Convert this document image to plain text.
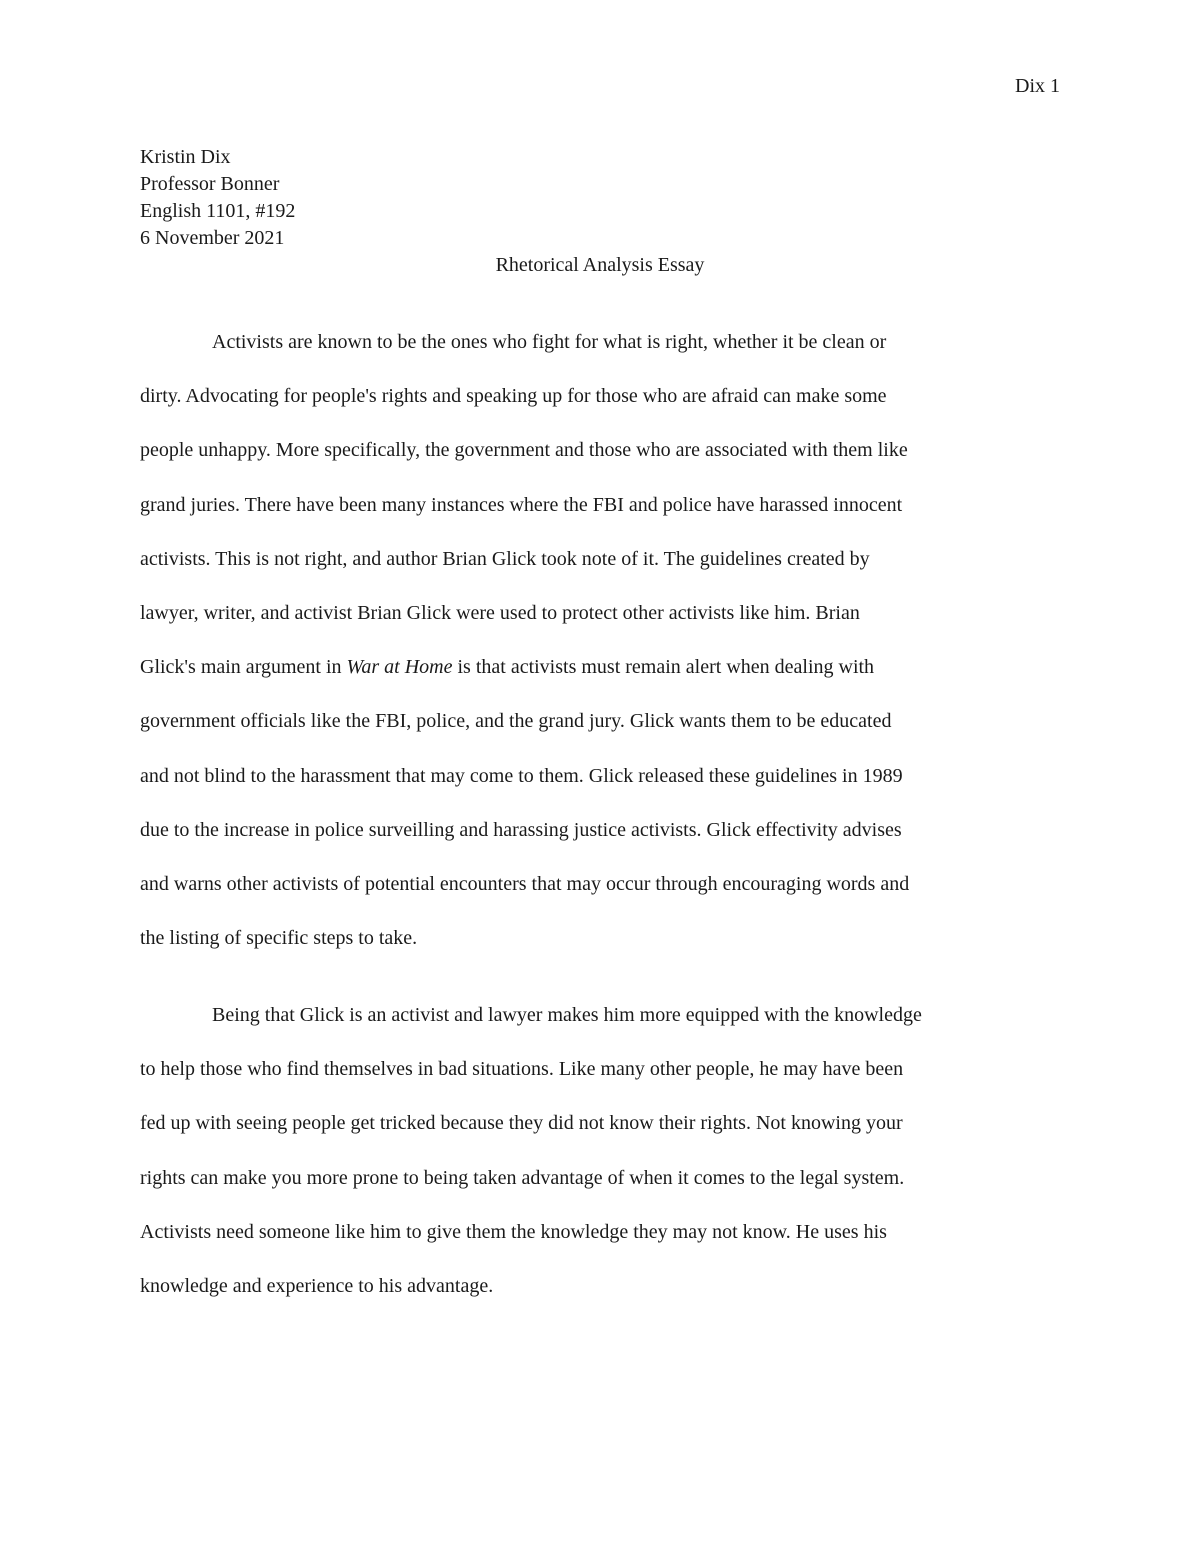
Dix 1
Kristin Dix
Professor Bonner
English 1101, #192
6 November 2021
Rhetorical Analysis Essay
Activists are known to be the ones who fight for what is right, whether it be clean or
dirty. Advocating for people's rights and speaking up for those who are afraid can make some
people unhappy. More specifically, the government and those who are associated with them like
grand juries. There have been many instances where the FBI and police have harassed innocent
activists. This is not right, and author Brian Glick took note of it. The guidelines created by
lawyer, writer, and activist Brian Glick were used to protect other activists like him. Brian
Glick's main argument in War at Home is that activists must remain alert when dealing with
government officials like the FBI, police, and the grand jury. Glick wants them to be educated
and not blind to the harassment that may come to them. Glick released these guidelines in 1989
due to the increase in police surveilling and harassing justice activists. Glick effectivity advises
and warns other activists of potential encounters that may occur through encouraging words and
the listing of specific steps to take.
Being that Glick is an activist and lawyer makes him more equipped with the knowledge
to help those who find themselves in bad situations. Like many other people, he may have been
fed up with seeing people get tricked because they did not know their rights. Not knowing your
rights can make you more prone to being taken advantage of when it comes to the legal system.
Activists need someone like him to give them the knowledge they may not know. He uses his
knowledge and experience to his advantage.
